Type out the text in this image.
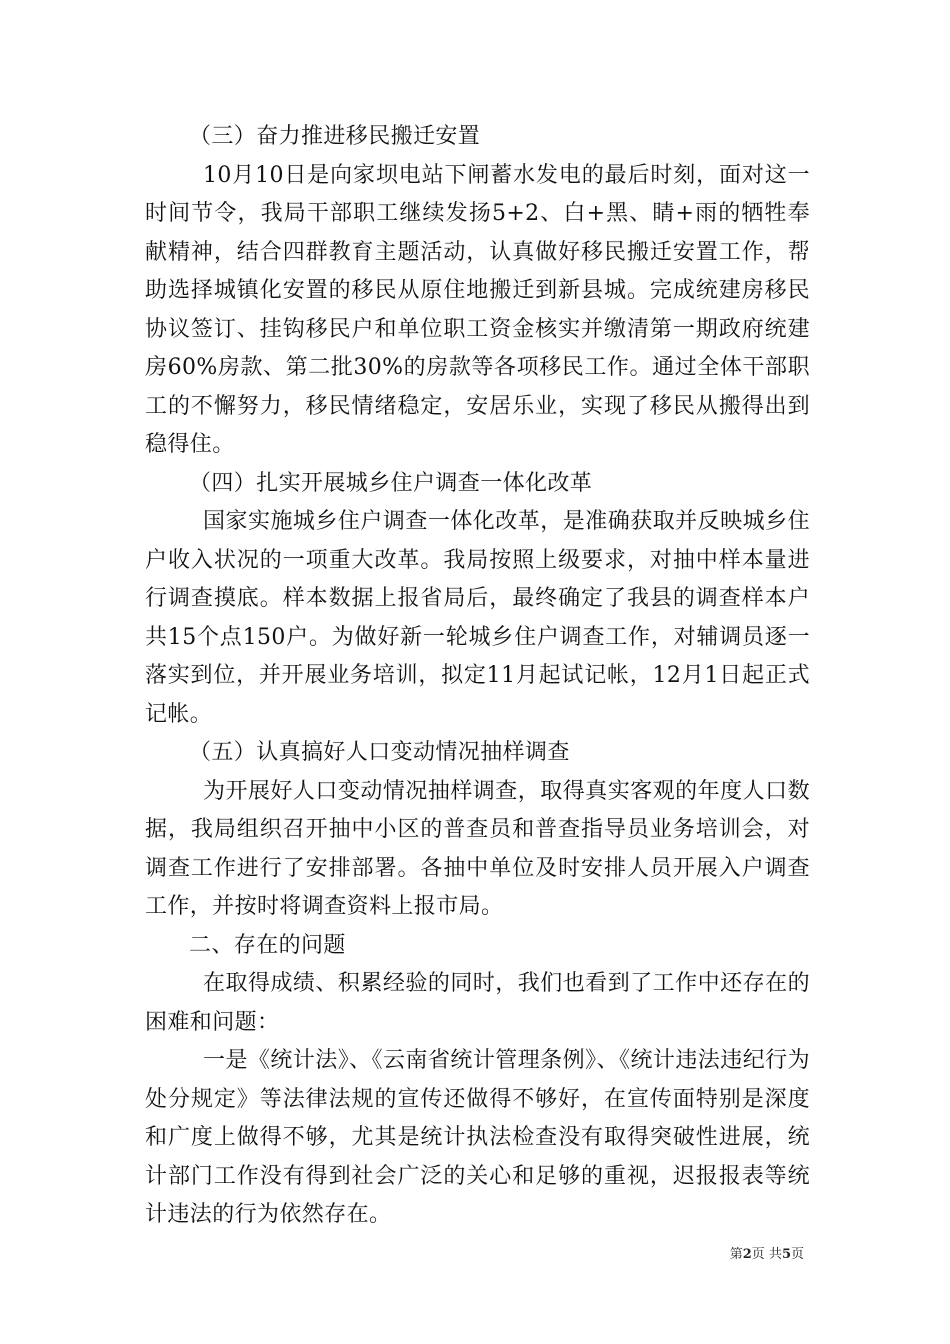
（三）奋力推进移民搬迁安置

10月10日是向家坝电站下闸蓄水发电的最后时刻，面对这一时间节令，我局干部职工继续发扬5+2、白+黑、睛+雨的牺牲奉献精神，结合四群教育主题活动，认真做好移民搬迁安置工作，帮助选择城镇化安置的移民从原住地搬迁到新县城。完成统建房移民协议签订、挂钩移民户和单位职工资金核实并缴清第一期政府统建房60%房款、第二批30%的房款等各项移民工作。通过全体干部职工的不懈努力，移民情绪稳定，安居乐业，实现了移民从搬得出到稳得住。

（四）扎实开展城乡住户调查一体化改革

国家实施城乡住户调查一体化改革，是准确获取并反映城乡住户收入状况的一项重大改革。我局按照上级要求，对抽中样本量进行调查摸底。样本数据上报省局后，最终确定了我县的调查样本户共15个点150户。为做好新一轮城乡住户调查工作，对辅调员逐一落实到位，并开展业务培训，拟定11月起试记帐，12月1日起正式记帐。

（五）认真搞好人口变动情况抽样调查

为开展好人口变动情况抽样调查，取得真实客观的年度人口数据，我局组织召开抽中小区的普查员和普查指导员业务培训会，对调查工作进行了安排部署。各抽中单位及时安排人员开展入户调查工作，并按时将调查资料上报市局。

二、存在的问题

在取得成绩、积累经验的同时，我们也看到了工作中还存在的困难和问题：

一是《统计法》、《云南省统计管理条例》、《统计违法违纪行为处分规定》等法律法规的宣传还做得不够好，在宣传面特别是深度和广度上做得不够，尤其是统计执法检查没有取得突破性进展，统计部门工作没有得到社会广泛的关心和足够的重视，迟报报表等统计违法的行为依然存在。

第2页 共5页
